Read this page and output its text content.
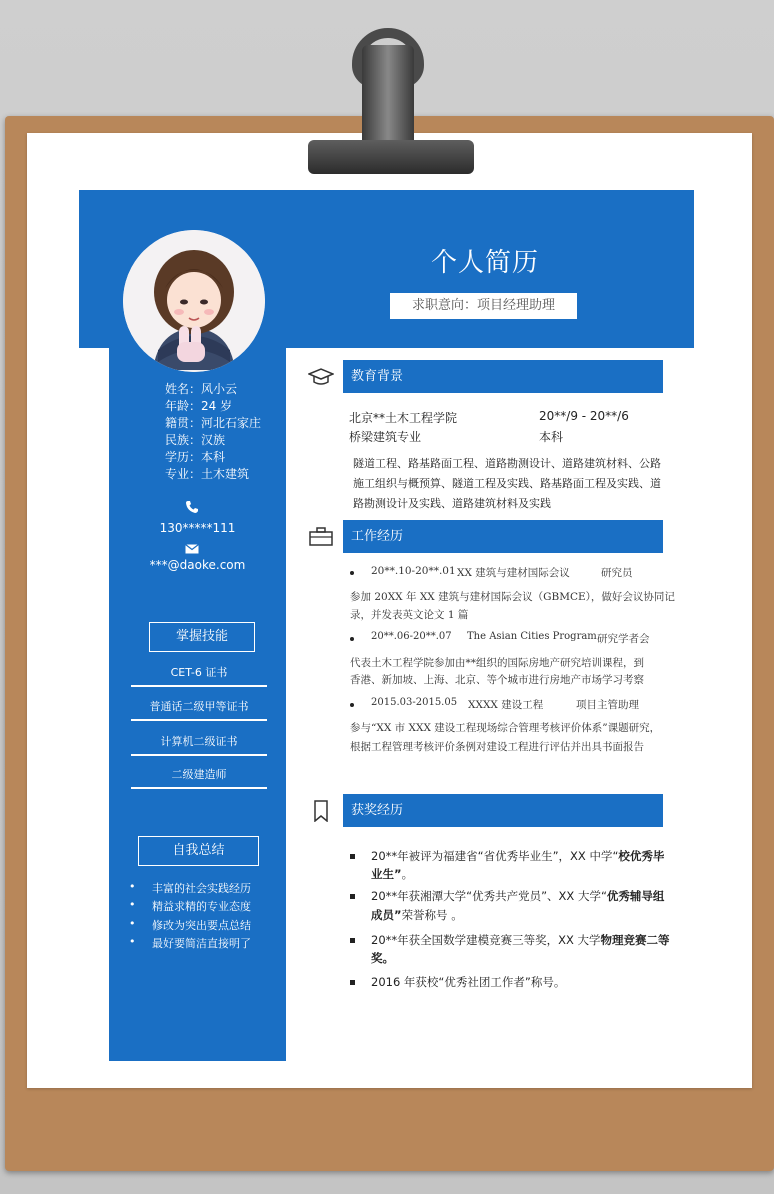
个人简历
求职意向：项目经理助理
姓名：风小云
年龄：24 岁
籍贯：河北石家庄
民族：汉族
学历：本科
专业：土木建筑
130*****111
***@daoke.com
掌握技能
CET-6 证书
普通话二级甲等证书
计算机二级证书
二级建造师
自我总结
• 丰富的社会实践经历
• 精益求精的专业态度
• 修改为突出要点总结
• 最好要简洁直接明了
教育背景
北京**土木工程学院	20**/9 - 20**/6
桥梁建筑专业	本科
隧道工程、路基路面工程、道路勘测设计、道路建筑材料、公路
施工组织与概预算、隧道工程及实践、路基路面工程及实践、道
路勘测设计及实践、道路建筑材料及实践
工作经历
20**.10-20**.01 XX 建筑与建材国际会议	研究员
参加 20XX 年 XX 建筑与建材国际会议（GBMCE），做好会议协同记
录，并发表英文论文 1 篇
20**.06-20**.07 The Asian Cities Program 研究学者会
代表土木工程学院参加由**组织的国际房地产研究培训课程，到
香港、新加坡、上海、北京、等个城市进行房地产市场学习考察
2015.03-2015.05 XXXX 建设工程	项目主管助理
参与“XX 市 XXX 建设工程现场综合管理考核评价体系”课题研究，
根据工程管理考核评价条例对建设工程进行评估并出具书面报告
获奖经历
20**年被评为福建省“省优秀毕业生”，XX 中学“校优秀毕
业生”。
20**年获湘潭大学“优秀共产党员”、XX 大学“优秀辅导组
成员”荣誉称号 。
20**年获全国数学建模竞赛三等奖，XX 大学物理竞赛二等
奖。
2016 年获校“优秀社团工作者”称号。
